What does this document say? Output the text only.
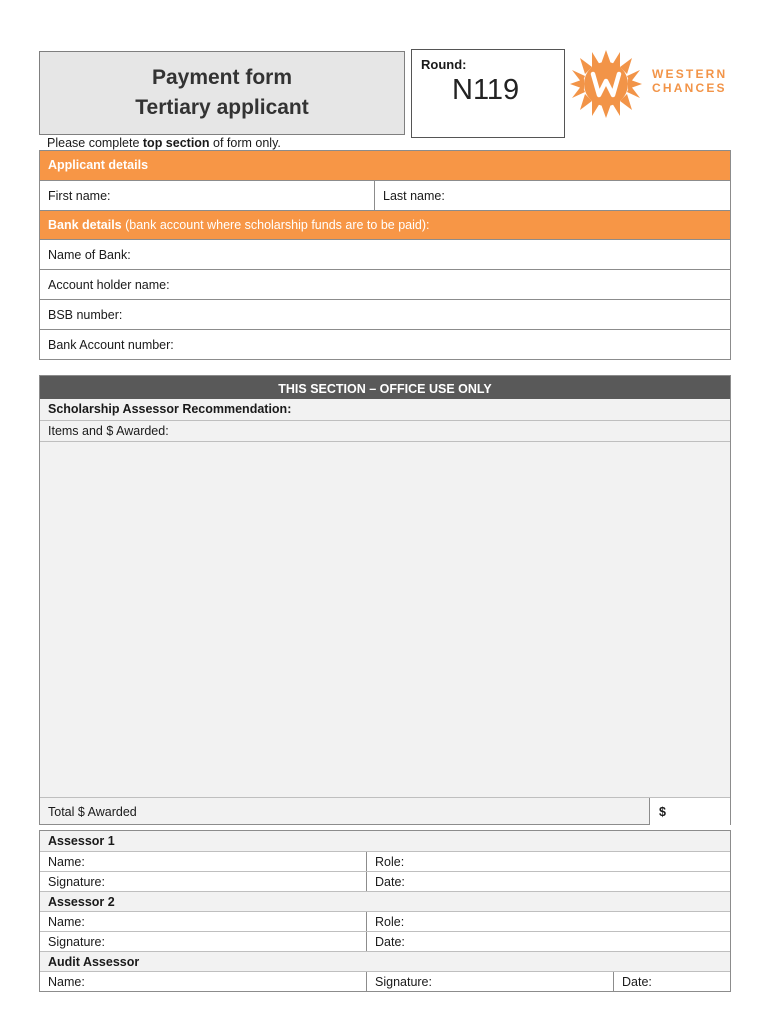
Payment form
Tertiary applicant
Round:
N119	WESTERN
CHANCES
Please complete top section of form only.
Applicant details
First name:	Last name:
Bank details (bank account where scholarship funds are to be paid):
Name of Bank:
Account holder name:
BSB number:
Bank Account number:
THIS SECTION – OFFICE USE ONLY
Scholarship Assessor Recommendation:
Items and $ Awarded:
Total $ Awarded	$
Assessor 1
Name:	Role:
Signature:	Date:
Assessor 2
Name:	Role:
Signature:	Date:
Audit Assessor
Name:	Signature:	Date:
